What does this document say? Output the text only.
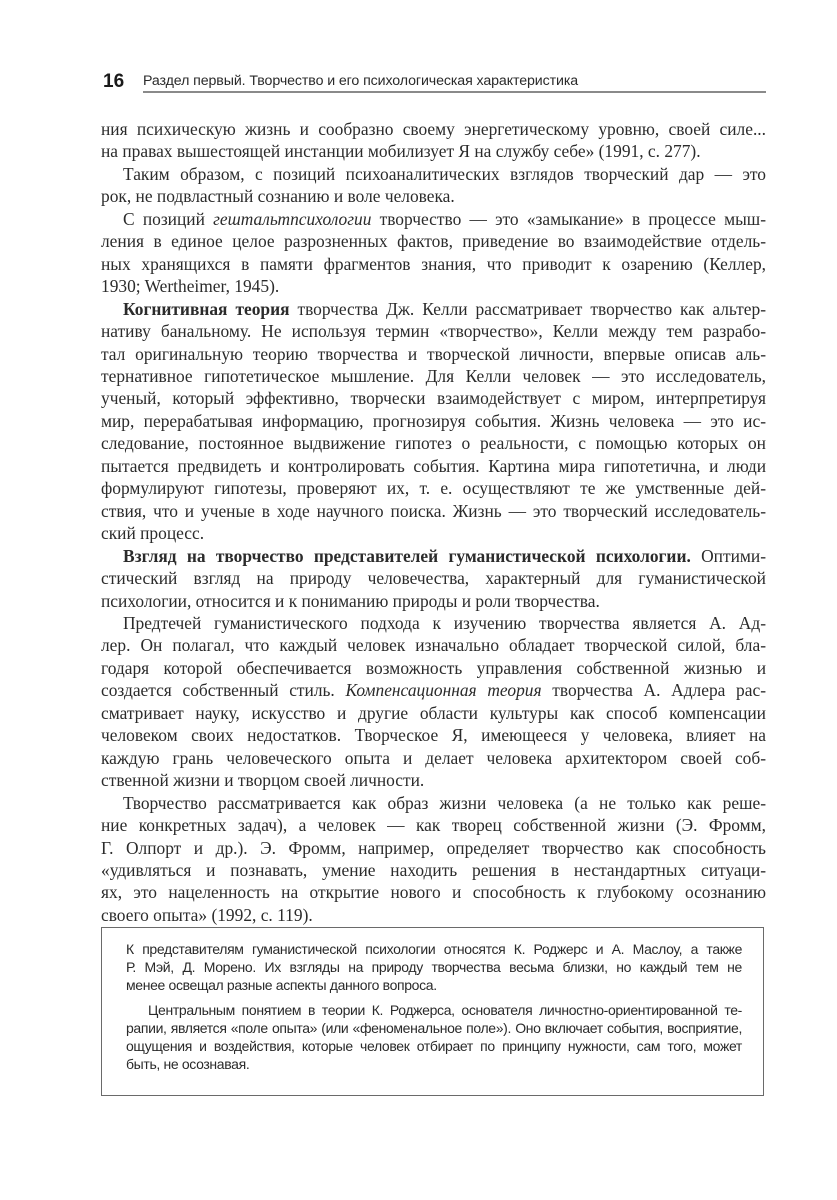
16 Раздел первый. Творчество и его психологическая характеристика
ния психическую жизнь и сообразно своему энергетическому уровню, своей силе...
на правах вышестоящей инстанции мобилизует Я на службу себе» (1991, с. 277).
Таким образом, с позиций психоаналитических взглядов творческий дар — это
рок, не подвластный сознанию и воле человека.
С позиций гештальтпсихологии творчество — это «замыкание» в процессе мыш-
ления в единое целое разрозненных фактов, приведение во взаимодействие отдель-
ных хранящихся в памяти фрагментов знания, что приводит к озарению (Келлер,
1930; Wertheimer, 1945).
Когнитивная теория творчества Дж. Келли рассматривает творчество как альтер-
нативу банальному. Не используя термин «творчество», Келли между тем разрабо-
тал оригинальную теорию творчества и творческой личности, впервые описав аль-
тернативное гипотетическое мышление. Для Келли человек — это исследователь,
ученый, который эффективно, творчески взаимодействует с миром, интерпретируя
мир, перерабатывая информацию, прогнозируя события. Жизнь человека — это ис-
следование, постоянное выдвижение гипотез о реальности, с помощью которых он
пытается предвидеть и контролировать события. Картина мира гипотетична, и люди
формулируют гипотезы, проверяют их, т. е. осуществляют те же умственные дей-
ствия, что и ученые в ходе научного поиска. Жизнь — это творческий исследователь-
ский процесс.
Взгляд на творчество представителей гуманистической психологии. Оптими-
стический взгляд на природу человечества, характерный для гуманистической
психологии, относится и к пониманию природы и роли творчества.
Предтечей гуманистического подхода к изучению творчества является А. Ад-
лер. Он полагал, что каждый человек изначально обладает творческой силой, бла-
годаря которой обеспечивается возможность управления собственной жизнью и
создается собственный стиль. Компенсационная теория творчества А. Адлера рас-
сматривает науку, искусство и другие области культуры как способ компенсации
человеком своих недостатков. Творческое Я, имеющееся у человека, влияет на
каждую грань человеческого опыта и делает человека архитектором своей соб-
ственной жизни и творцом своей личности.
Творчество рассматривается как образ жизни человека (а не только как реше-
ние конкретных задач), а человек — как творец собственной жизни (Э. Фромм,
Г. Олпорт и др.). Э. Фромм, например, определяет творчество как способность
«удивляться и познавать, умение находить решения в нестандартных ситуаци-
ях, это нацеленность на открытие нового и способность к глубокому осознанию
своего опыта» (1992, с. 119).
К представителям гуманистической психологии относятся К. Роджерс и А. Маслоу, а также
Р. Мэй, Д. Морено. Их взгляды на природу творчества весьма близки, но каждый тем не
менее освещал разные аспекты данного вопроса.
Центральным понятием в теории К. Роджерса, основателя личностно-ориентированной те-
рапии, является «поле опыта» (или «феноменальное поле»). Оно включает события, восприятие,
ощущения и воздействия, которые человек отбирает по принципу нужности, сам того, может
быть, не осознавая.
